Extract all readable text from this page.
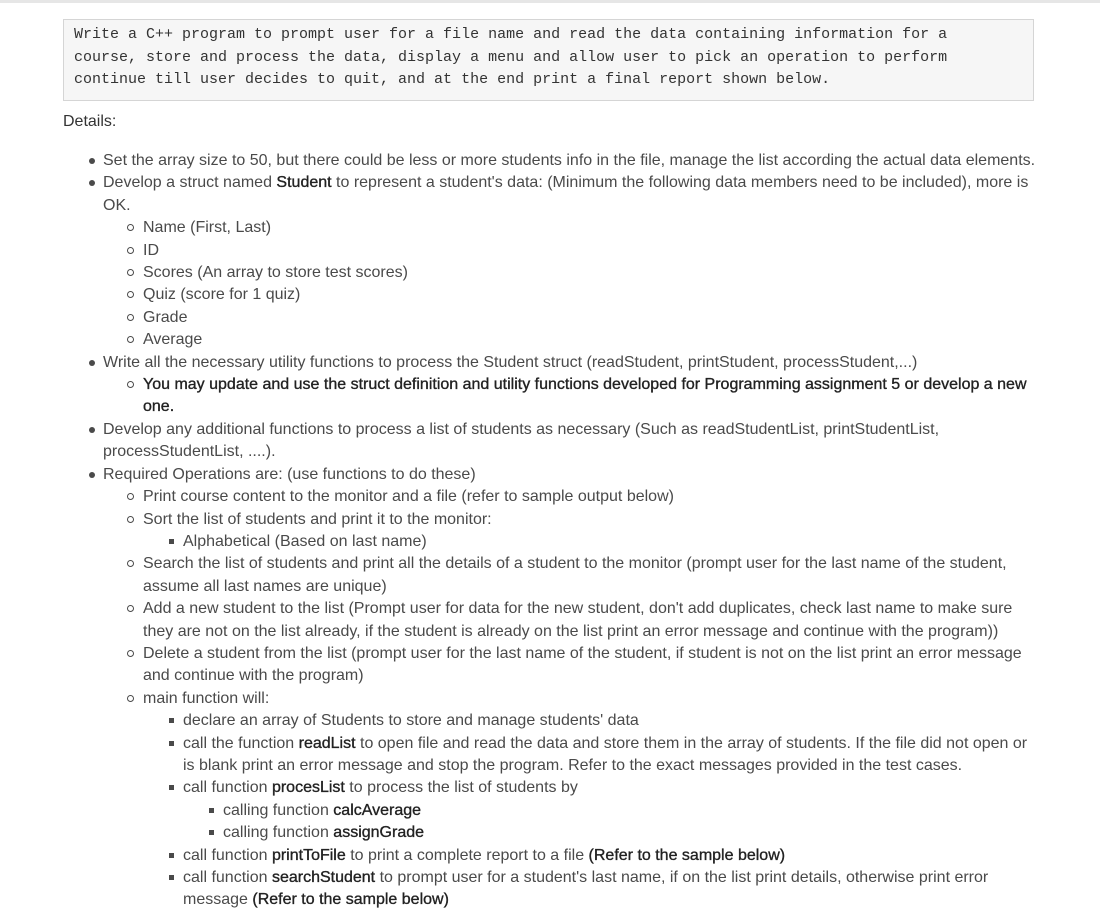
Write a C++ program to prompt user for a file name and read the data containing information for a
course, store and process the data, display a menu and allow user to pick an operation to perform
continue till user decides to quit, and at the end print a final report shown below.
Details:
Set the array size to 50, but there could be less or more students info in the file, manage the list according the actual data elements.
Develop a struct named Student to represent a student's data: (Minimum the following data members need to be included), more is OK.
Name (First, Last)
ID
Scores (An array to store test scores)
Quiz (score for 1 quiz)
Grade
Average
Write all the necessary utility functions to process the Student struct (readStudent, printStudent, processStudent,...)
You may update and use the struct definition and utility functions developed for Programming assignment 5 or develop a new one.
Develop any additional functions to process a list of students as necessary (Such as readStudentList, printStudentList, processStudentList, ....).
Required Operations are: (use functions to do these)
Print course content to the monitor and a file (refer to sample output below)
Sort the list of students and print it to the monitor:
Alphabetical (Based on last name)
Search the list of students and print all the details of a student to the monitor (prompt user for the last name of the student, assume all last names are unique)
Add a new student to the list (Prompt user for data for the new student, don't add duplicates, check last name to make sure they are not on the list already, if the student is already on the list print an error message and continue with the program))
Delete a student from the list (prompt user for the last name of the student, if student is not on the list print an error message and continue with the program)
main function will:
declare an array of Students to store and manage students' data
call the function readList to open file and read the data and store them in the array of students. If the file did not open or is blank print an error message and stop the program. Refer to the exact messages provided in the test cases.
call function procesList to process the list of students by
calling function calcAverage
calling function assignGrade
call function printToFile to print a complete report to a file (Refer to the sample below)
call function searchStudent to prompt user for a student's last name, if on the list print details, otherwise print error message (Refer to the sample below)
